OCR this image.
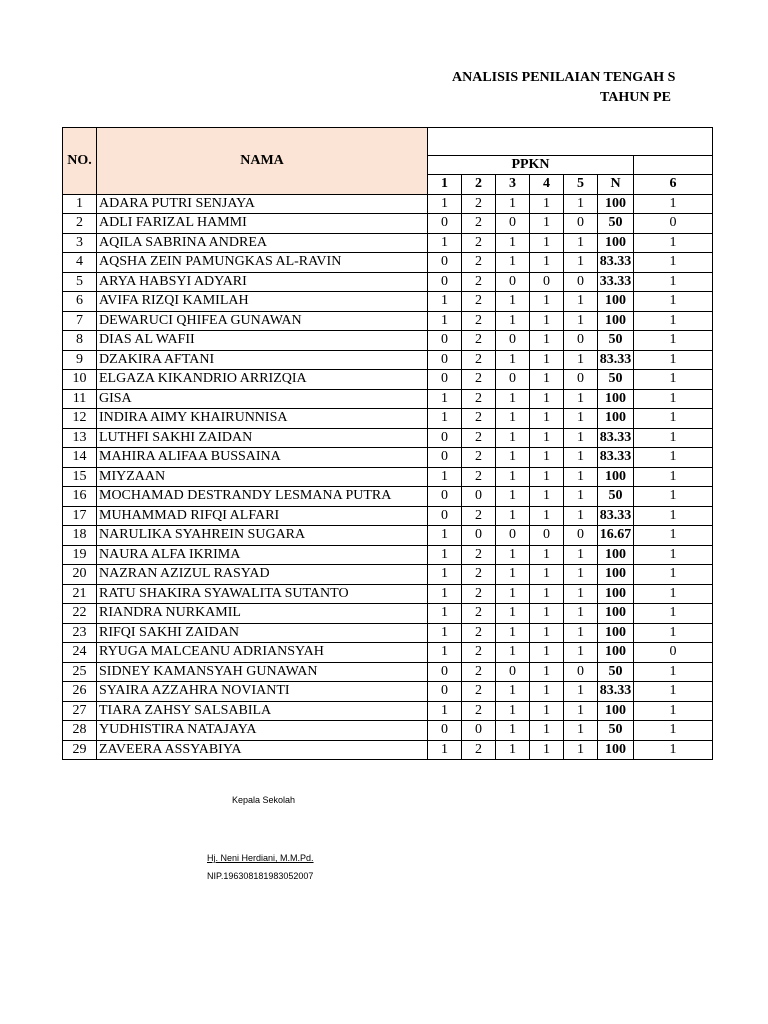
ANALISIS PENILAIAN TENGAH S
TAHUN PE
NO.	NAMA							
		PPKN						
		1	2	3	4	5	N	6
1	ADARA PUTRI SENJAYA	1	2	1	1	1	100	1
2	ADLI FARIZAL HAMMI	0	2	0	1	0	50	0
3	AQILA SABRINA ANDREA	1	2	1	1	1	100	1
4	AQSHA ZEIN PAMUNGKAS AL-RAVIN	0	2	1	1	1	83.33	1
5	ARYA HABSYI ADYARI	0	2	0	0	0	33.33	1
6	AVIFA RIZQI KAMILAH	1	2	1	1	1	100	1
7	DEWARUCI QHIFEA GUNAWAN	1	2	1	1	1	100	1
8	DIAS AL WAFII	0	2	0	1	0	50	1
9	DZAKIRA AFTANI	0	2	1	1	1	83.33	1
10	ELGAZA KIKANDRIO ARRIZQIA	0	2	0	1	0	50	1
11	GISA	1	2	1	1	1	100	1
12	INDIRA AIMY KHAIRUNNISA	1	2	1	1	1	100	1
13	LUTHFI SAKHI ZAIDAN	0	2	1	1	1	83.33	1
14	MAHIRA ALIFAA BUSSAINA	0	2	1	1	1	83.33	1
15	MIYZAAN	1	2	1	1	1	100	1
16	MOCHAMAD DESTRANDY LESMANA PUTRA	0	0	1	1	1	50	1
17	MUHAMMAD RIFQI ALFARI	0	2	1	1	1	83.33	1
18	NARULIKA SYAHREIN SUGARA	1	0	0	0	0	16.67	1
19	NAURA ALFA IKRIMA	1	2	1	1	1	100	1
20	NAZRAN AZIZUL RASYAD	1	2	1	1	1	100	1
21	RATU SHAKIRA SYAWALITA SUTANTO	1	2	1	1	1	100	1
22	RIANDRA NURKAMIL	1	2	1	1	1	100	1
23	RIFQI SAKHI ZAIDAN	1	2	1	1	1	100	1
24	RYUGA MALCEANU ADRIANSYAH	1	2	1	1	1	100	0
25	SIDNEY KAMANSYAH GUNAWAN	0	2	0	1	0	50	1
26	SYAIRA AZZAHRA NOVIANTI	0	2	1	1	1	83.33	1
27	TIARA ZAHSY SALSABILA	1	2	1	1	1	100	1
28	YUDHISTIRA NATAJAYA	0	0	1	1	1	50	1
29	ZAVEERA ASSYABIYA	1	2	1	1	1	100	1
Kepala Sekolah
Hj. Neni Herdiani, M.M.Pd.
NIP.196308181983052007
